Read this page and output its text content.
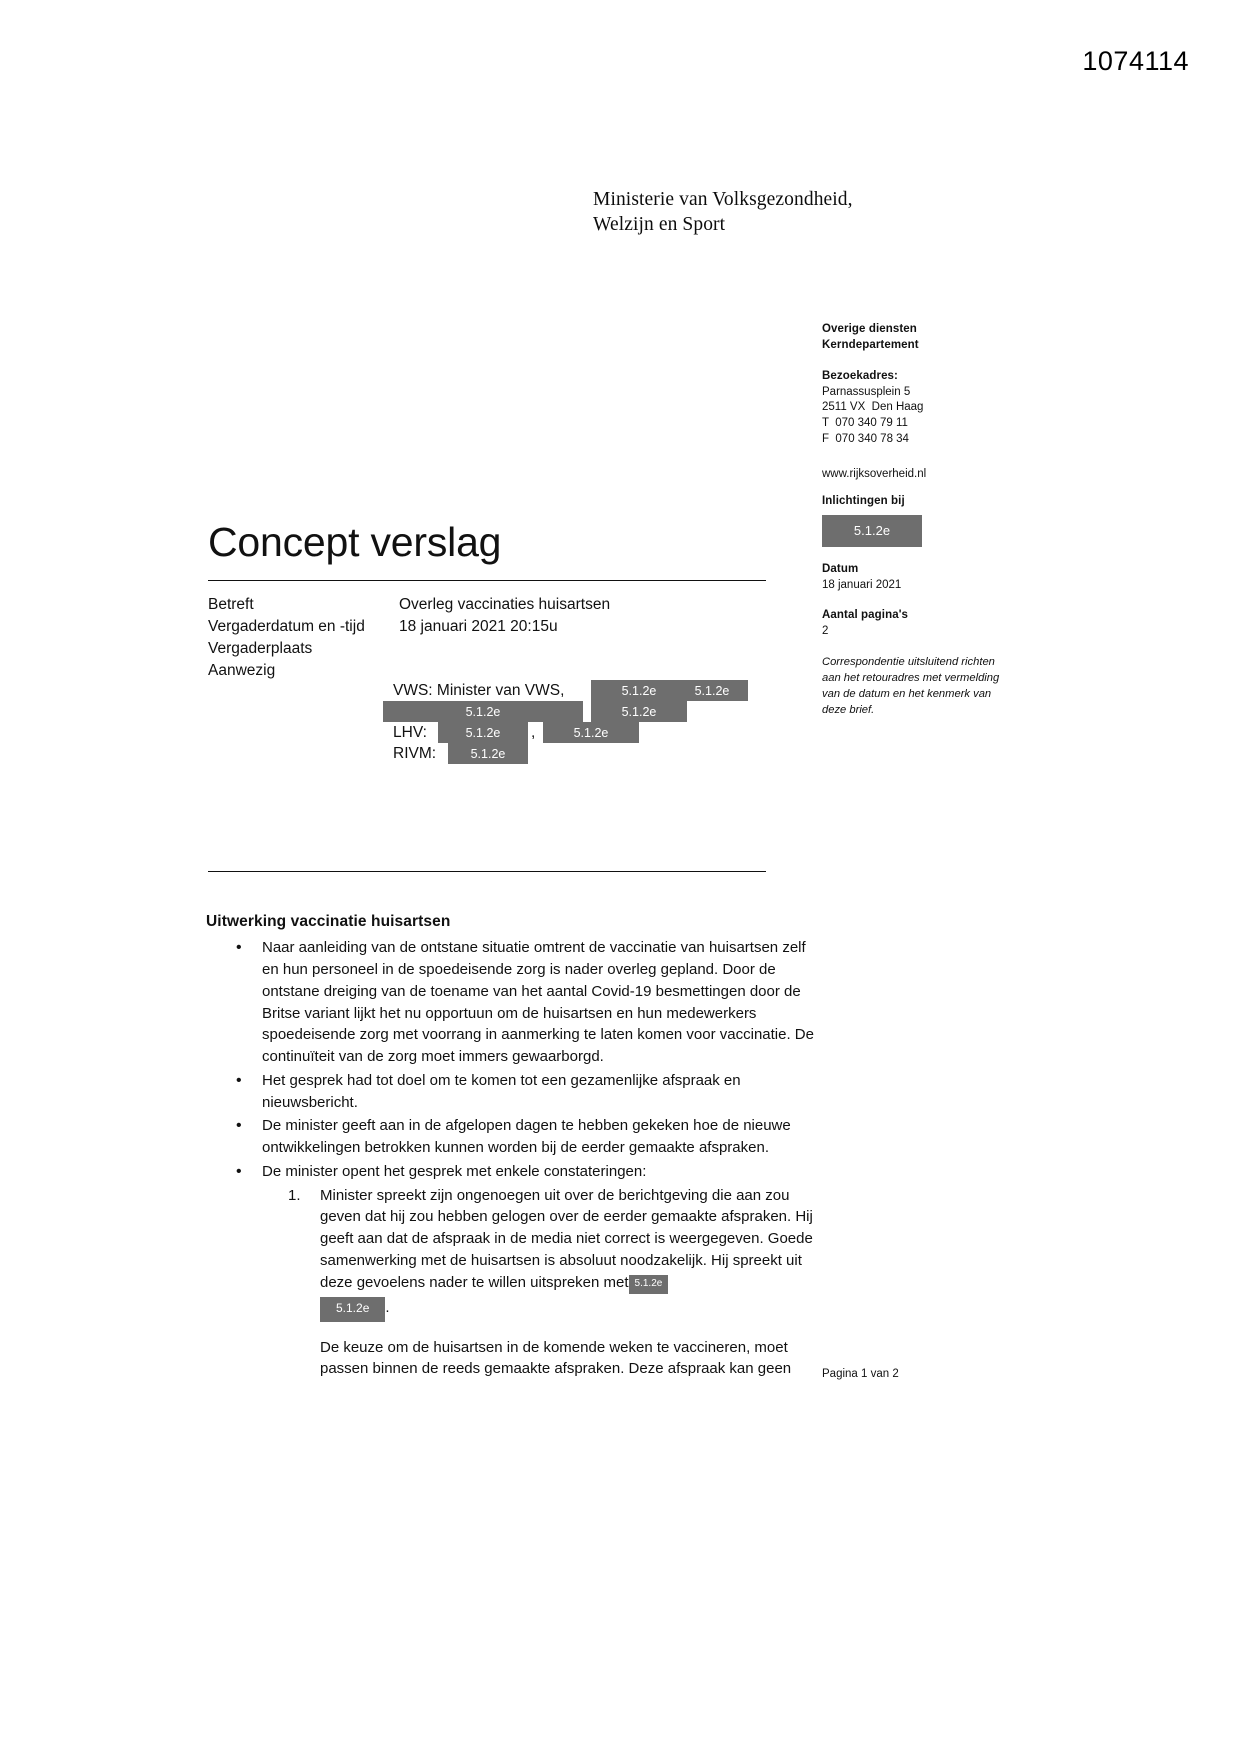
1074114
Ministerie van Volksgezondheid,
Welzijn en Sport
Overige diensten
Kerndepartement
Bezoekadres:
Parnassusplein 5
2511 VX  Den Haag
T  070 340 79 11
F  070 340 78 34
www.rijksoverheid.nl
Inlichtingen bij
5.1.2e
Datum
18 januari 2021
Aantal pagina's
2
Correspondentie uitsluitend richten aan het retouradres met vermelding van de datum en het kenmerk van deze brief.
Concept verslag
Betreft	Overleg vaccinaties huisartsen
Vergaderdatum en -tijd	18 januari 2021 20:15u
Vergaderplaats
Aanwezig
VWS: Minister van VWS,	5.1.2e	5.1.2e
5.1.2e	5.1.2e
LHV:	5.1.2e	,	5.1.2e
RIVM:	5.1.2e
Uitwerking vaccinatie huisartsen
• Naar aanleiding van de ontstane situatie omtrent de vaccinatie van huisartsen zelf en hun personeel in de spoedeisende zorg is nader overleg gepland. Door de ontstane dreiging van de toename van het aantal Covid-19 besmettingen door de Britse variant lijkt het nu opportuun om de huisartsen en hun medewerkers spoedeisende zorg met voorrang in aanmerking te laten komen voor vaccinatie. De continuïteit van de zorg moet immers gewaarborgd.
• Het gesprek had tot doel om te komen tot een gezamenlijke afspraak en nieuwsbericht.
• De minister geeft aan in de afgelopen dagen te hebben gekeken hoe de nieuwe ontwikkelingen betrokken kunnen worden bij de eerder gemaakte afspraken.
• De minister opent het gesprek met enkele constateringen:
Minister spreekt zijn ongenoegen uit over de berichtgeving die aan zou geven dat hij zou hebben gelogen over de eerder gemaakte afspraken. Hij geeft aan dat de afspraak in de media niet correct is weergegeven. Goede samenwerking met de huisartsen is absoluut noodzakelijk. Hij spreekt uit deze gevoelens nader te willen uitspreken met 5.1.2e
5.1.2e .
De keuze om de huisartsen in de komende weken te vaccineren, moet passen binnen de reeds gemaakte afspraken. Deze afspraak kan geen	Pagina 1 van 2
